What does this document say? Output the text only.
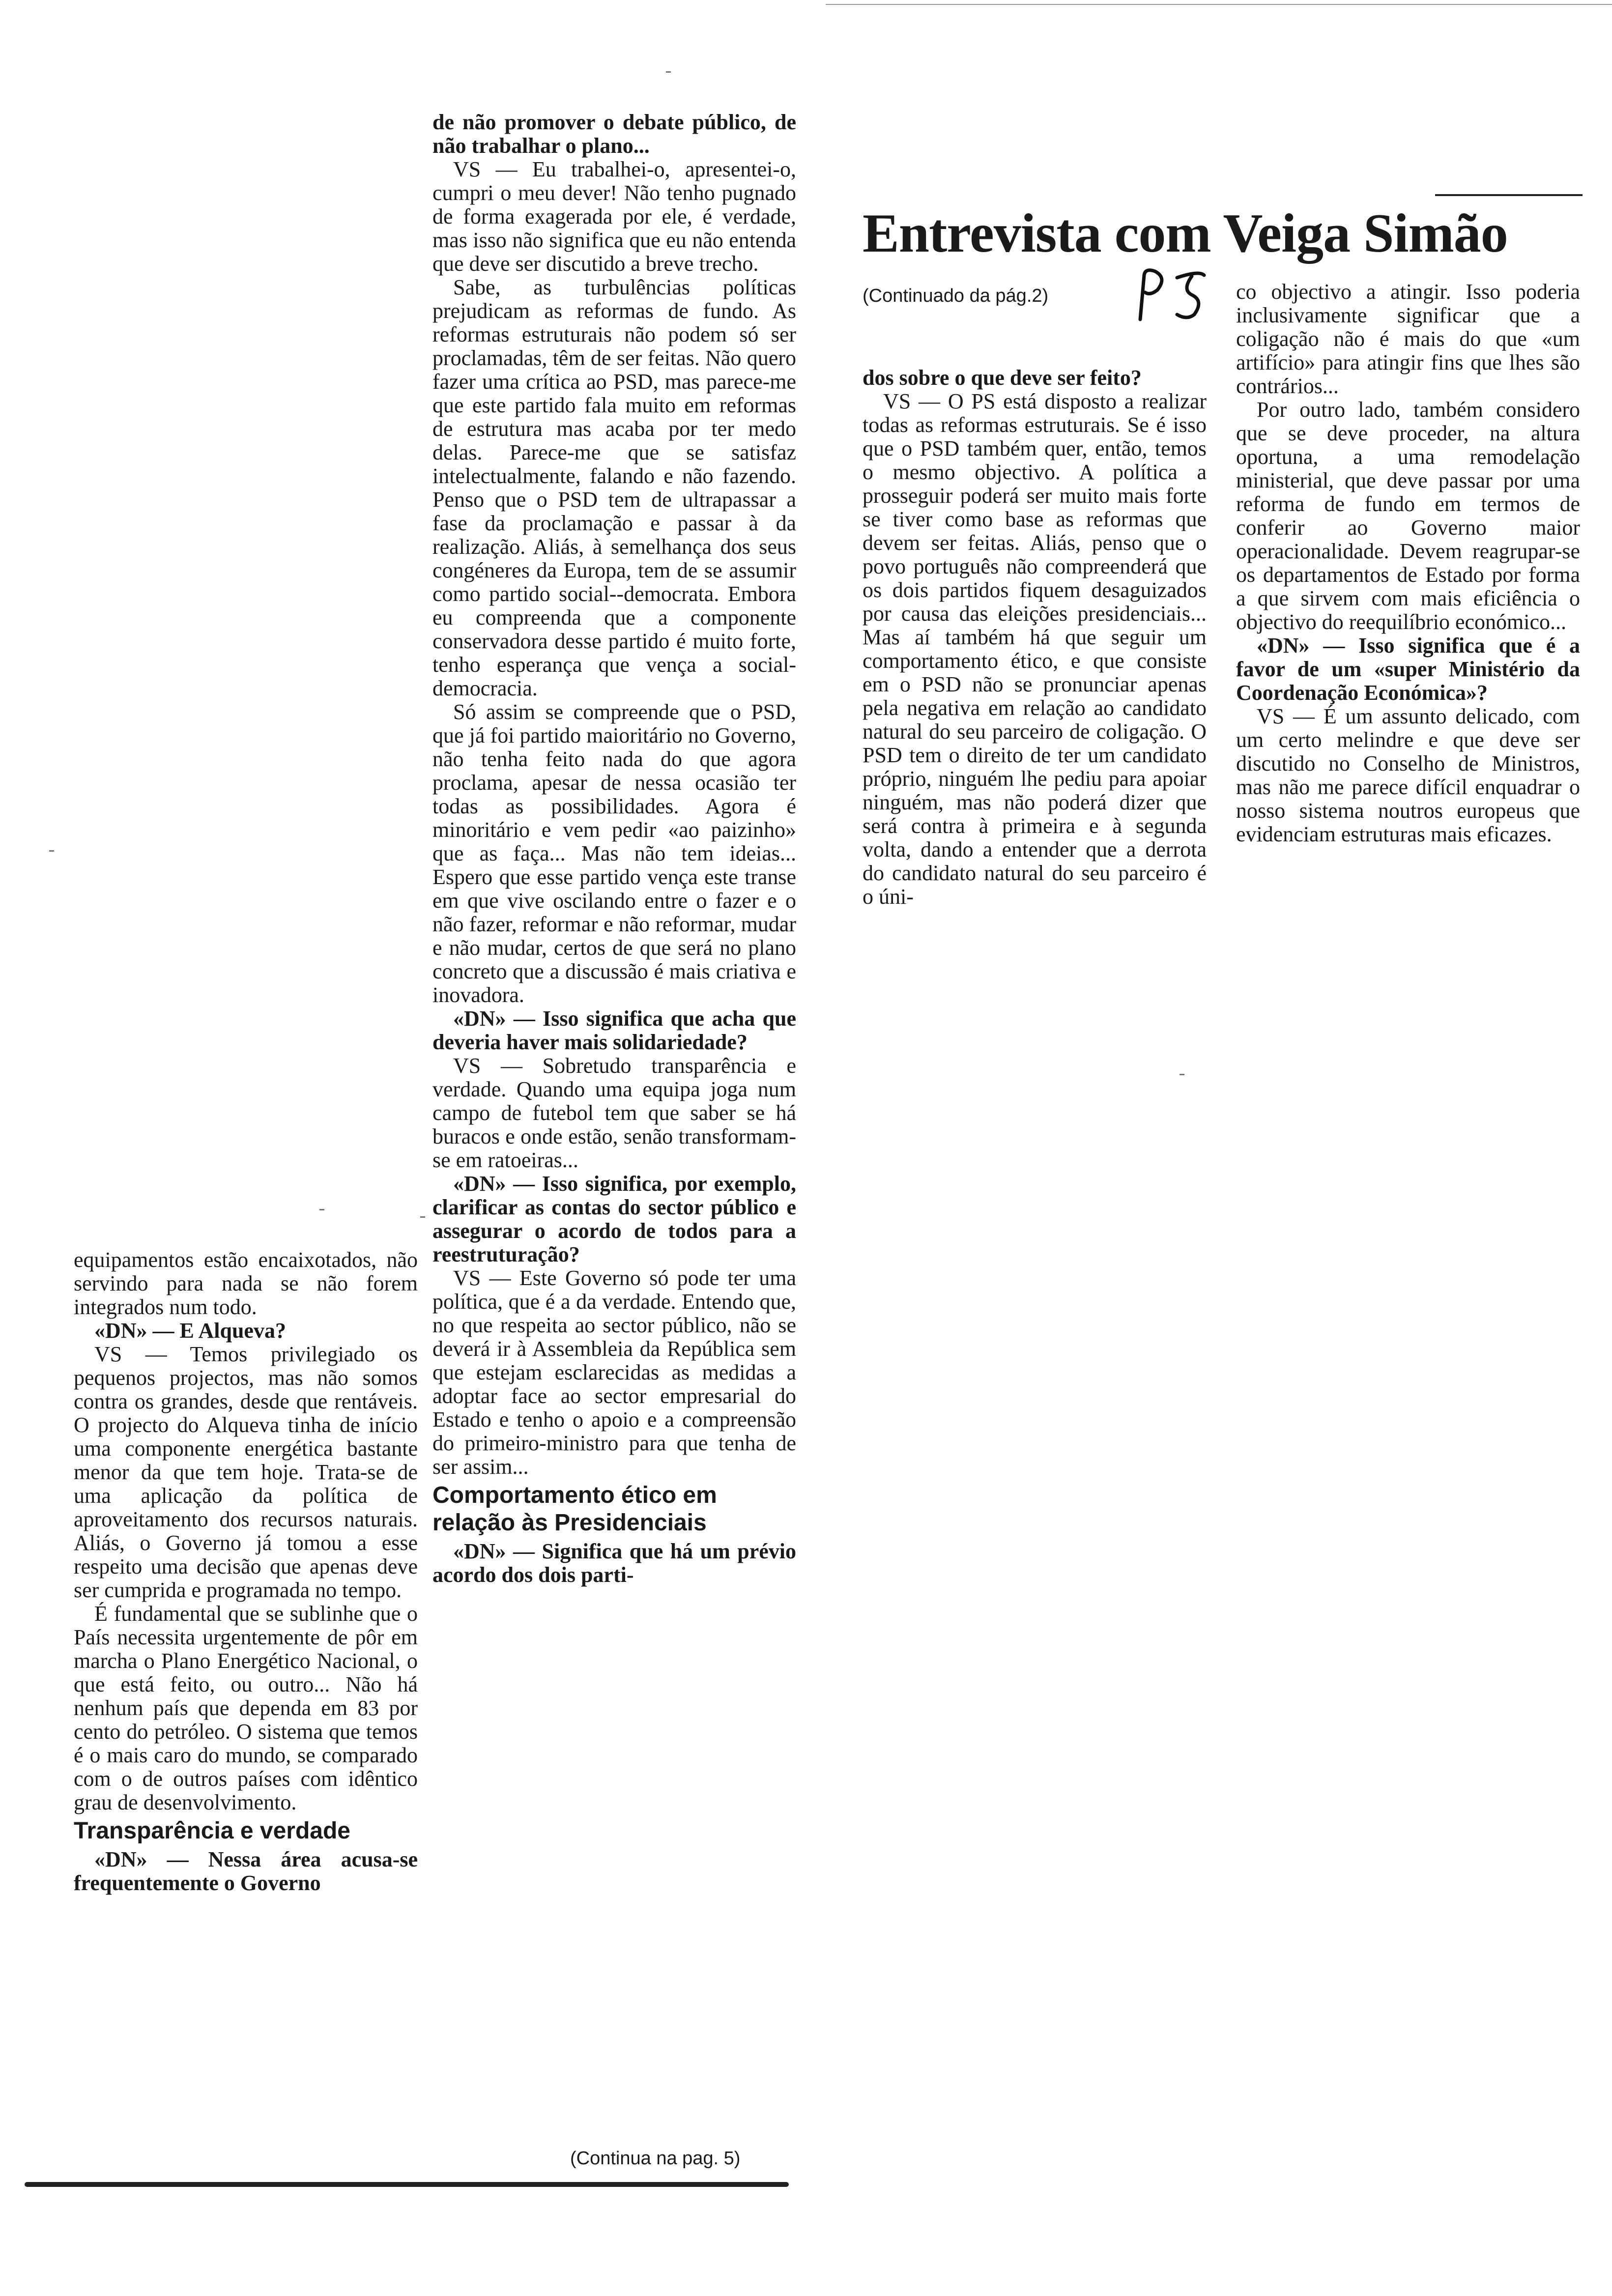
Entrevista com Veiga Simão
(Continuado da pág.2)

equipamentos estão encaixotados, não servindo para nada se não forem integrados num todo.

«DN» — E Alqueva?

VS — Temos privilegiado os pequenos projectos, mas não somos contra os grandes, desde que rentáveis. O projecto do Alqueva tinha de início uma componente energética bastante menor da que tem hoje. Trata-se de uma aplicação da política de aproveitamento dos recursos naturais. Aliás, o Governo já tomou a esse respeito uma decisão que apenas deve ser cumprida e programada no tempo.

É fundamental que se sublinhe que o País necessita urgentemente de pôr em marcha o Plano Energético Nacional, o que está feito, ou outro... Não há nenhum país que dependa em 83 por cento do petróleo. O sistema que temos é o mais caro do mundo, se comparado com o de outros países com idêntico grau de desenvolvimento.

Transparência e verdade

«DN» — Nessa área acusa-se frequentemente o Governo

de não promover o debate público, de não trabalhar o plano...

VS — Eu trabalhei-o, apresentei-o, cumpri o meu dever! Não tenho pugnado de forma exagerada por ele, é verdade, mas isso não significa que eu não entenda que deve ser discutido a breve trecho.

Sabe, as turbulências políticas prejudicam as reformas de fundo. As reformas estruturais não podem só ser proclamadas, têm de ser feitas. Não quero fazer uma crítica ao PSD, mas parece-me que este partido fala muito em reformas de estrutura mas acaba por ter medo delas. Parece-me que se satisfaz intelectualmente, falando e não fazendo. Penso que o PSD tem de ultrapassar a fase da proclamação e passar à da realização. Aliás, à semelhança dos seus congéneres da Europa, tem de se assumir como partido social--democrata. Embora eu compreenda que a componente conservadora desse partido é muito forte, tenho esperança que vença a social-democracia.

Só assim se compreende que o PSD, que já foi partido maioritário no Governo, não tenha feito nada do que agora proclama, apesar de nessa ocasião ter todas as possibilidades. Agora é minoritário e vem pedir «ao paizinho» que as faça... Mas não tem ideias... Espero que esse partido vença este transe em que vive oscilando entre o fazer e o não fazer, reformar e não reformar, mudar e não mudar, certos de que será no plano concreto que a discussão é mais criativa e inovadora.

«DN» — Isso significa que acha que deveria haver mais solidariedade?

VS — Sobretudo transparência e verdade. Quando uma equipa joga num campo de futebol tem que saber se há buracos e onde estão, senão transformam-se em ratoeiras...

«DN» — Isso significa, por exemplo, clarificar as contas do sector público e assegurar o acordo de todos para a reestruturação?

VS — Este Governo só pode ter uma política, que é a da verdade. Entendo que, no que respeita ao sector público, não se deverá ir à Assembleia da República sem que estejam esclarecidas as medidas a adoptar face ao sector empresarial do Estado e tenho o apoio e a compreensão do primeiro-ministro para que tenha de ser assim...

Comportamento ético em relação às Presidenciais

«DN» — Significa que há um prévio acordo dos dois parti-

dos sobre o que deve ser feito?

VS — O PS está disposto a realizar todas as reformas estruturais. Se é isso que o PSD também quer, então, temos o mesmo objectivo. A política a prosseguir poderá ser muito mais forte se tiver como base as reformas que devem ser feitas. Aliás, penso que o povo português não compreenderá que os dois partidos fiquem desaguizados por causa das eleições presidenciais... Mas aí também há que seguir um comportamento ético, e que consiste em o PSD não se pronunciar apenas pela negativa em relação ao candidato natural do seu parceiro de coligação. O PSD tem o direito de ter um candidato próprio, ninguém lhe pediu para apoiar ninguém, mas não poderá dizer que será contra à primeira e à segunda volta, dando a entender que a derrota do candidato natural do seu parceiro é o úni-

co objectivo a atingir. Isso poderia inclusivamente significar que a coligação não é mais do que «um artifício» para atingir fins que lhes são contrários...

Por outro lado, também considero que se deve proceder, na altura oportuna, a uma remodelação ministerial, que deve passar por uma reforma de fundo em termos de conferir ao Governo maior operacionalidade. Devem reagrupar-se os departamentos de Estado por forma a que sirvem com mais eficiência o objectivo do reequilíbrio económico...

«DN» — Isso significa que é a favor de um «super Ministério da Coordenação Económica»?

VS — É um assunto delicado, com um certo melindre e que deve ser discutido no Conselho de Ministros, mas não me parece difícil enquadrar o nosso sistema noutros europeus que evidenciam estruturas mais eficazes.

(Continua na pag. 5)
